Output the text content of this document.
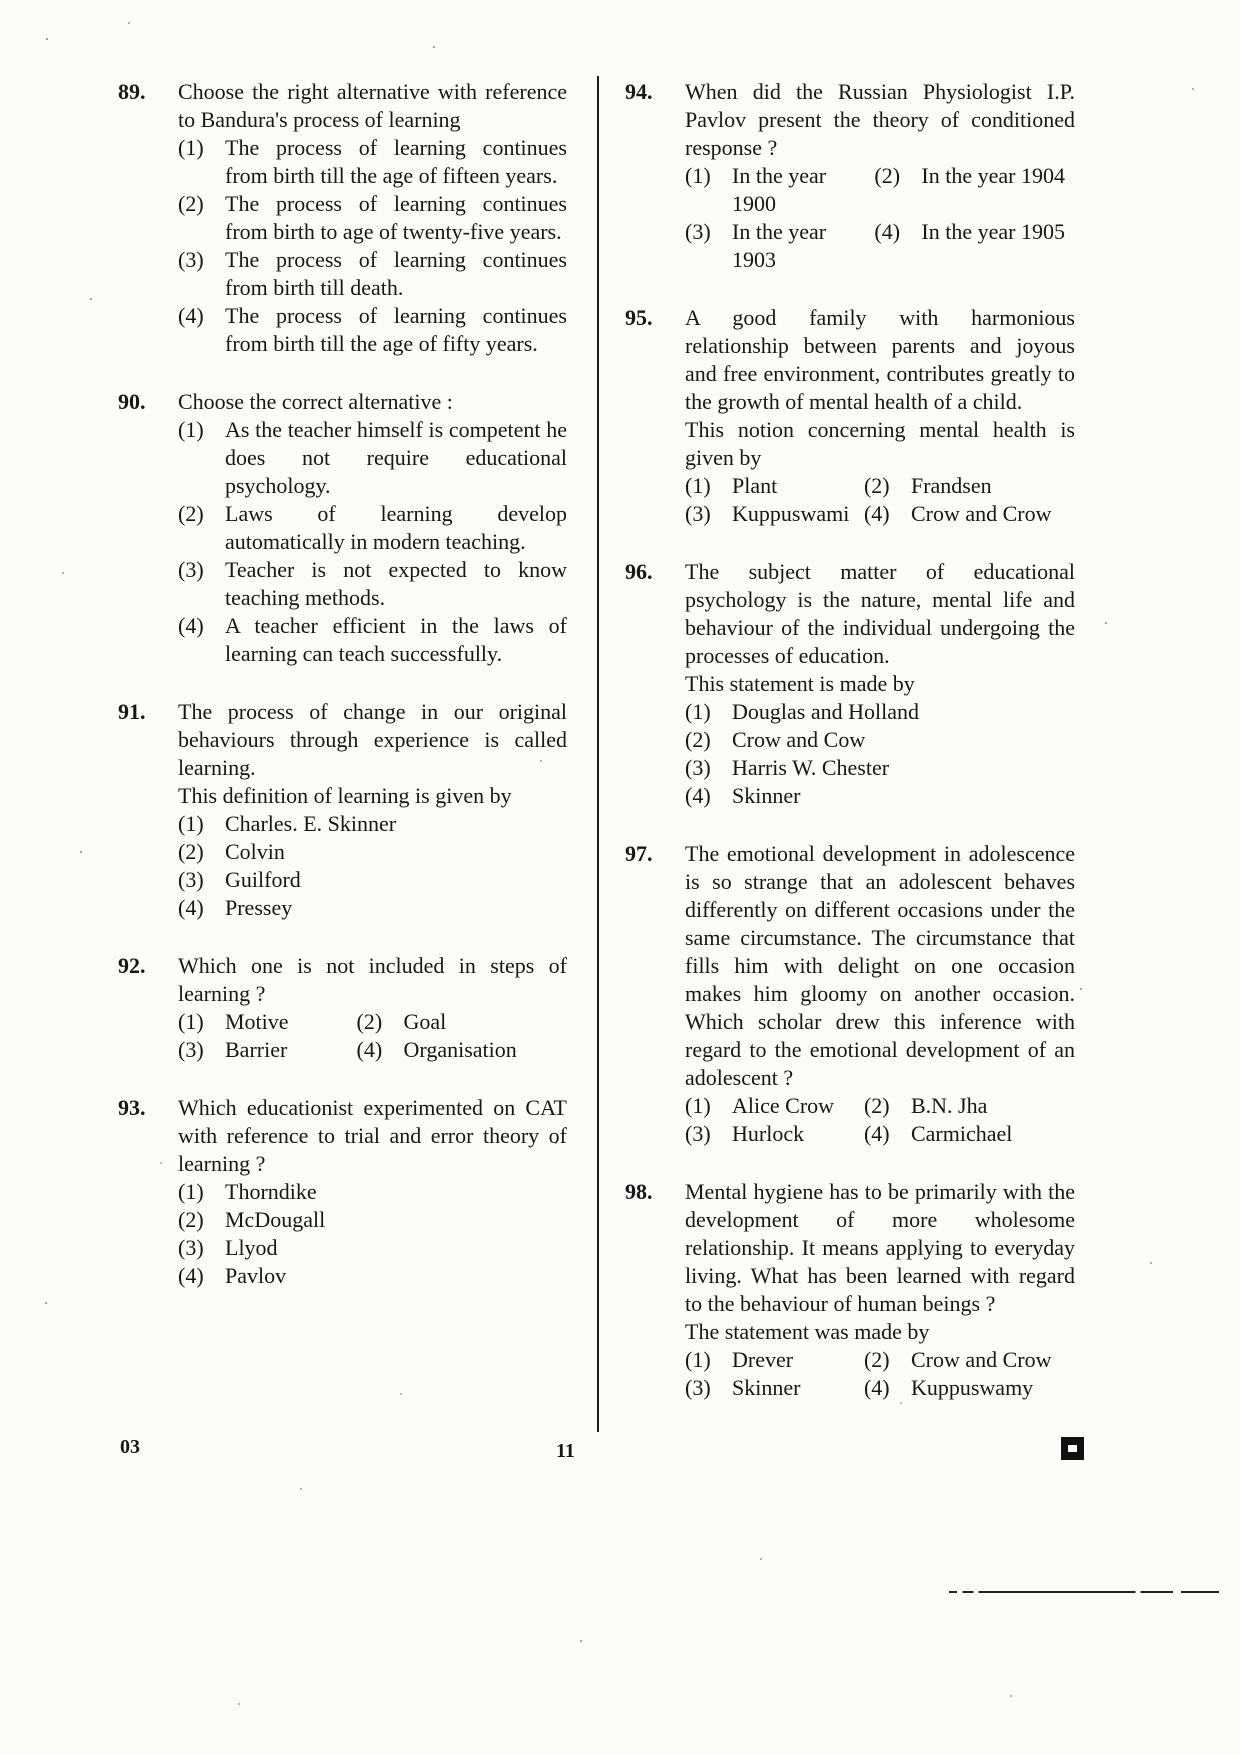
89.	Choose the right alternative with reference to Bandura's process of learning

(1) The process of learning continues from birth till the age of fifteen years.
(2) The process of learning continues from birth to age of twenty-five years.
(3) The process of learning continues from birth till death.
(4) The process of learning continues from birth till the age of fifty years.
90.	Choose the correct alternative :

(1) As the teacher himself is competent he does not require educational psychology.
(2) Laws of learning develop automatically in modern teaching.
(3) Teacher is not expected to know teaching methods.
(4) A teacher efficient in the laws of learning can teach successfully.
91.	The process of change in our original behaviours through experience is called learning.

This definition of learning is given by

(1) Charles. E. Skinner
(2) Colvin
(3) Guilford
(4) Pressey
92.	Which one is not included in steps of learning ?

(1) Motive	(2) Goal
(3) Barrier	(4) Organisation
93.	Which educationist experimented on CAT with reference to trial and error theory of learning ?

(1) Thorndike
(2) McDougall
(3) Llyod
(4) Pavlov
94.	When did the Russian Physiologist I.P. Pavlov present the theory of conditioned response ?

(1) In the year 1900
(2) In the year 1904
(3) In the year 1903
(4) In the year 1905
95.	A good family with harmonious relationship between parents and joyous and free environment, contributes greatly to the growth of mental health of a child.

This notion concerning mental health is given by

(1) Plant	(2) Frandsen
(3) Kuppuswami (4) Crow and Crow
96.	The subject matter of educational psychology is the nature, mental life and behaviour of the individual undergoing the processes of education.

This statement is made by

(1) Douglas and Holland
(2) Crow and Cow
(3) Harris W. Chester
(4) Skinner
97.	The emotional development in adolescence is so strange that an adolescent behaves differently on different occasions under the same circumstance. The circumstance that fills him with delight on one occasion makes him gloomy on another occasion. Which scholar drew this inference with regard to the emotional development of an adolescent ?

(1) Alice Crow	(2) B.N. Jha
(3) Hurlock	(4) Carmichael
98.	Mental hygiene has to be primarily with the development of more wholesome relationship. It means applying to everyday living. What has been learned with regard to the behaviour of human beings ?

The statement was made by

(1) Drever	(2) Crow and Crow
(3) Skinner	(4) Kuppuswamy
03	11
